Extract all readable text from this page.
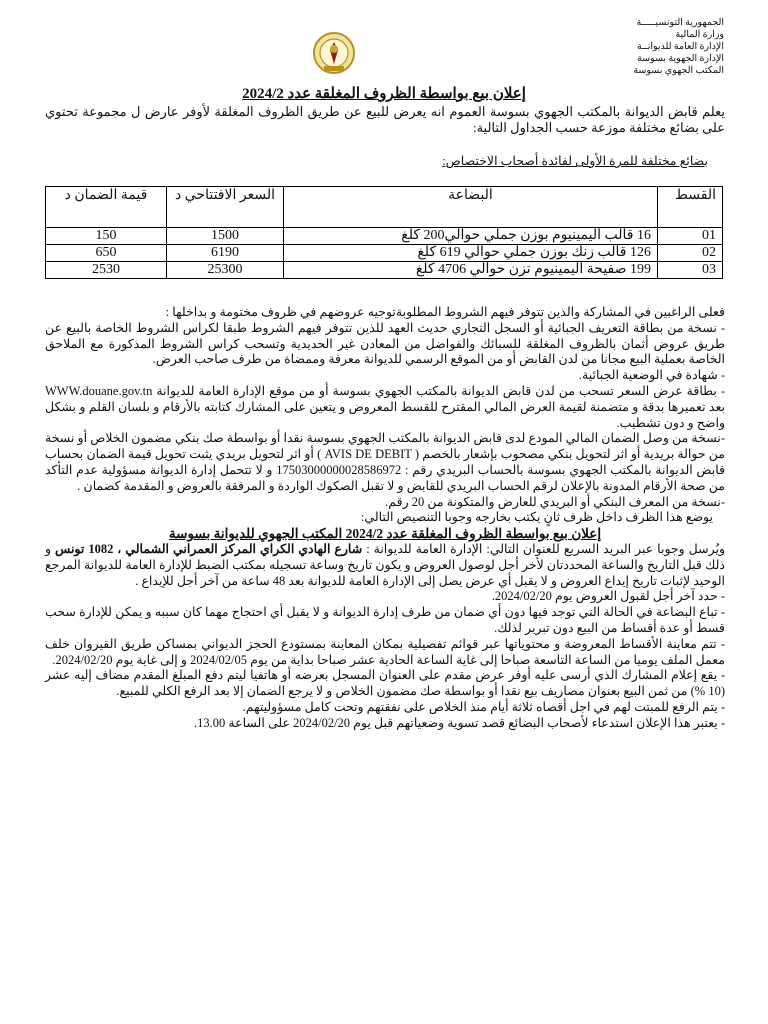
الجمهورية التونسيـــــة
وزارة المالية
الإدارة العامة للديوانــة
الإدارة الجهوية بسوسة
المكتب الجهوي بسوسة
إعلان بيع بواسطة الظروف المغلقة عدد 2024/2
يعلم قابض الديوانة بالمكتب الجهوي بسوسة العموم انه يعرض للبيع عن طريق الظروف المغلقة لأوفر عارض ل مجموعة تحتوي على بضائع مختلفة موزعة حسب الجداول التالية:
بضائع مختلفة للمرة الأولى لفائدة أصحاب الاختصاص:
القسط	البضاعة	السعر الافتتاحي د	قيمة الضمان د
01	16 قالب اليمينيوم بوزن جملي حوالي200 كلغ	1500	150
02	126 قالب زنك بوزن جملي حوالي 619 كلغ	6190	650
03	199 صفيحة اليمينيوم تزن حوالي 4706 كلغ	25300	2530

فعلى الراغبين في المشاركة والذين تتوفر فيهم الشروط المطلوبةتوجيه عروضهم في ظروف مختومة و بداخلها :

- نسخة من بطاقة التعريف الجبائية أو السجل التجاري حديث العهد للذين تتوفر فيهم الشروط طبقا لكراس الشروط الخاصة بالبيع عن طريق عروض أثمان بالظروف المغلقة للسبائك والفواضل من المعادن غير الحديدية وتسحب كراس الشروط المذكورة مع الملاحق الخاصة بعملية البيع مجانا من لدن القابض أو من الموقع الرسمي للديوانة معرفة وممضاة من طرف صاحب العرض.

- شهادة في الوضعية الجبائية.

- بطاقة عرض السعر تسحب من لدن قابض الديوانة بالمكتب الجهوي بسوسة أو من موقع الإدارة العامة للديوانة WWW.douane.gov.tn بعد تعميرها بدقة و متضمنة لقيمة العرض المالي المقترح للقسط المعروض و يتعين على المشارك كتابته بالأرقام و بلسان القلم و بشكل واضح و دون تشطيب.

-نسخة من وصل الضمان المالي المودع لدى قابض الديوانة بالمكتب الجهوي بسوسة نقدا أو بواسطة صك بنكي مضمون الخلاص أو نسخة من حوالة بريدية أو اثر لتحويل بنكي مصحوب بإشعار بالخصم ( AVIS DE DEBIT ) أو اثر لتحويل بريدي يثبت تحويل قيمة الضمان بحساب قابض الديوانة بالمكتب الجهوي بسوسة بالحساب البريدي رقم : 17503000000028586972 و لا تتحمل إدارة الديوانة مسؤولية عدم التأكد من صحة الأرقام المدونة بالإعلان لرقم الحساب البريدي للقابض و لا تقبل الصكوك الواردة و المرفقة بالعروض و المقدمة كضمان .

-نسخة من المعرف البنكي أو البريدي للعارض والمتكونة من 20 رقم.

يوضع هذا الظرف داخل ظرف ثانٍ يكتب بخارجه وجوبا التنصيص التالي:

إعلان بيع بواسطة الظروف المغلقة عدد 2024/2 المكتب الجهوي للديوانة بسوسة

ويُرسل وجوبا عبر البريد السريع للعنوان التالي: الإدارة العامة للديوانة : شارع الهادي الكراي المركز العمراني الشمالي ، 1082 تونس و ذلك قبل التاريخ والساعة المحددتان لأخر أجل لوصول العروض و يكون تاريخ وساعة تسجيله بمكتب الضبط للإدارة العامة للديوانة المرجع الوحيد لإثبات تاريخ إيداع العروض و لا يقبل أي عرض يصل إلى الإدارة العامة للديوانة بعد 48 ساعة من آخر أجل للإيداع .

- حدد آخر أجل لقبول العروض يوم 2024/02/20.

- تباع البضاعة في الحالة التي توجد فيها دون أي ضمان من طرف إدارة الديوانة و لا يقبل أي احتجاج مهما كان سببه و يمكن للإدارة سحب قسط أو عدة أقساط من البيع دون تبرير لذلك.

- تتم معاينة الأقساط المعروضة و محتوياتها عبر قوائم تفصيلية بمكان المعاينة بمستودع الحجز الديواني بمساكن طريق القيروان خلف معمل الملف يوميا من الساعة التاسعة صباحا إلى غاية الساعة الحادية عشر صباحا بداية من يوم 2024/02/05 و إلى غاية يوم 2024/02/20.

- يقع إعلام المشارك الذي أرسى عليه أوفر عرض مقدم على العنوان المسجل بعرضه أو هاتفيا ليتم دفع المبلغ المقدم مضاف إليه عشر (10 %) من ثمن البيع بعنوان مصاريف بيع نقدا أو بواسطة صك مضمون الخلاص و لا يرجع الضمان إلا بعد الرفع الكلي للمبيع.

- يتم الرفع للمبتت لهم في اجل أقصاه ثلاثة أيام منذ الخلاص على نفقتهم وتحت كامل مسؤوليتهم.

- يعتبر هذا الإعلان استدعاء لأصحاب البضائع قصد تسوية وضعياتهم قبل يوم 2024/02/20 على الساعة 13.00.
